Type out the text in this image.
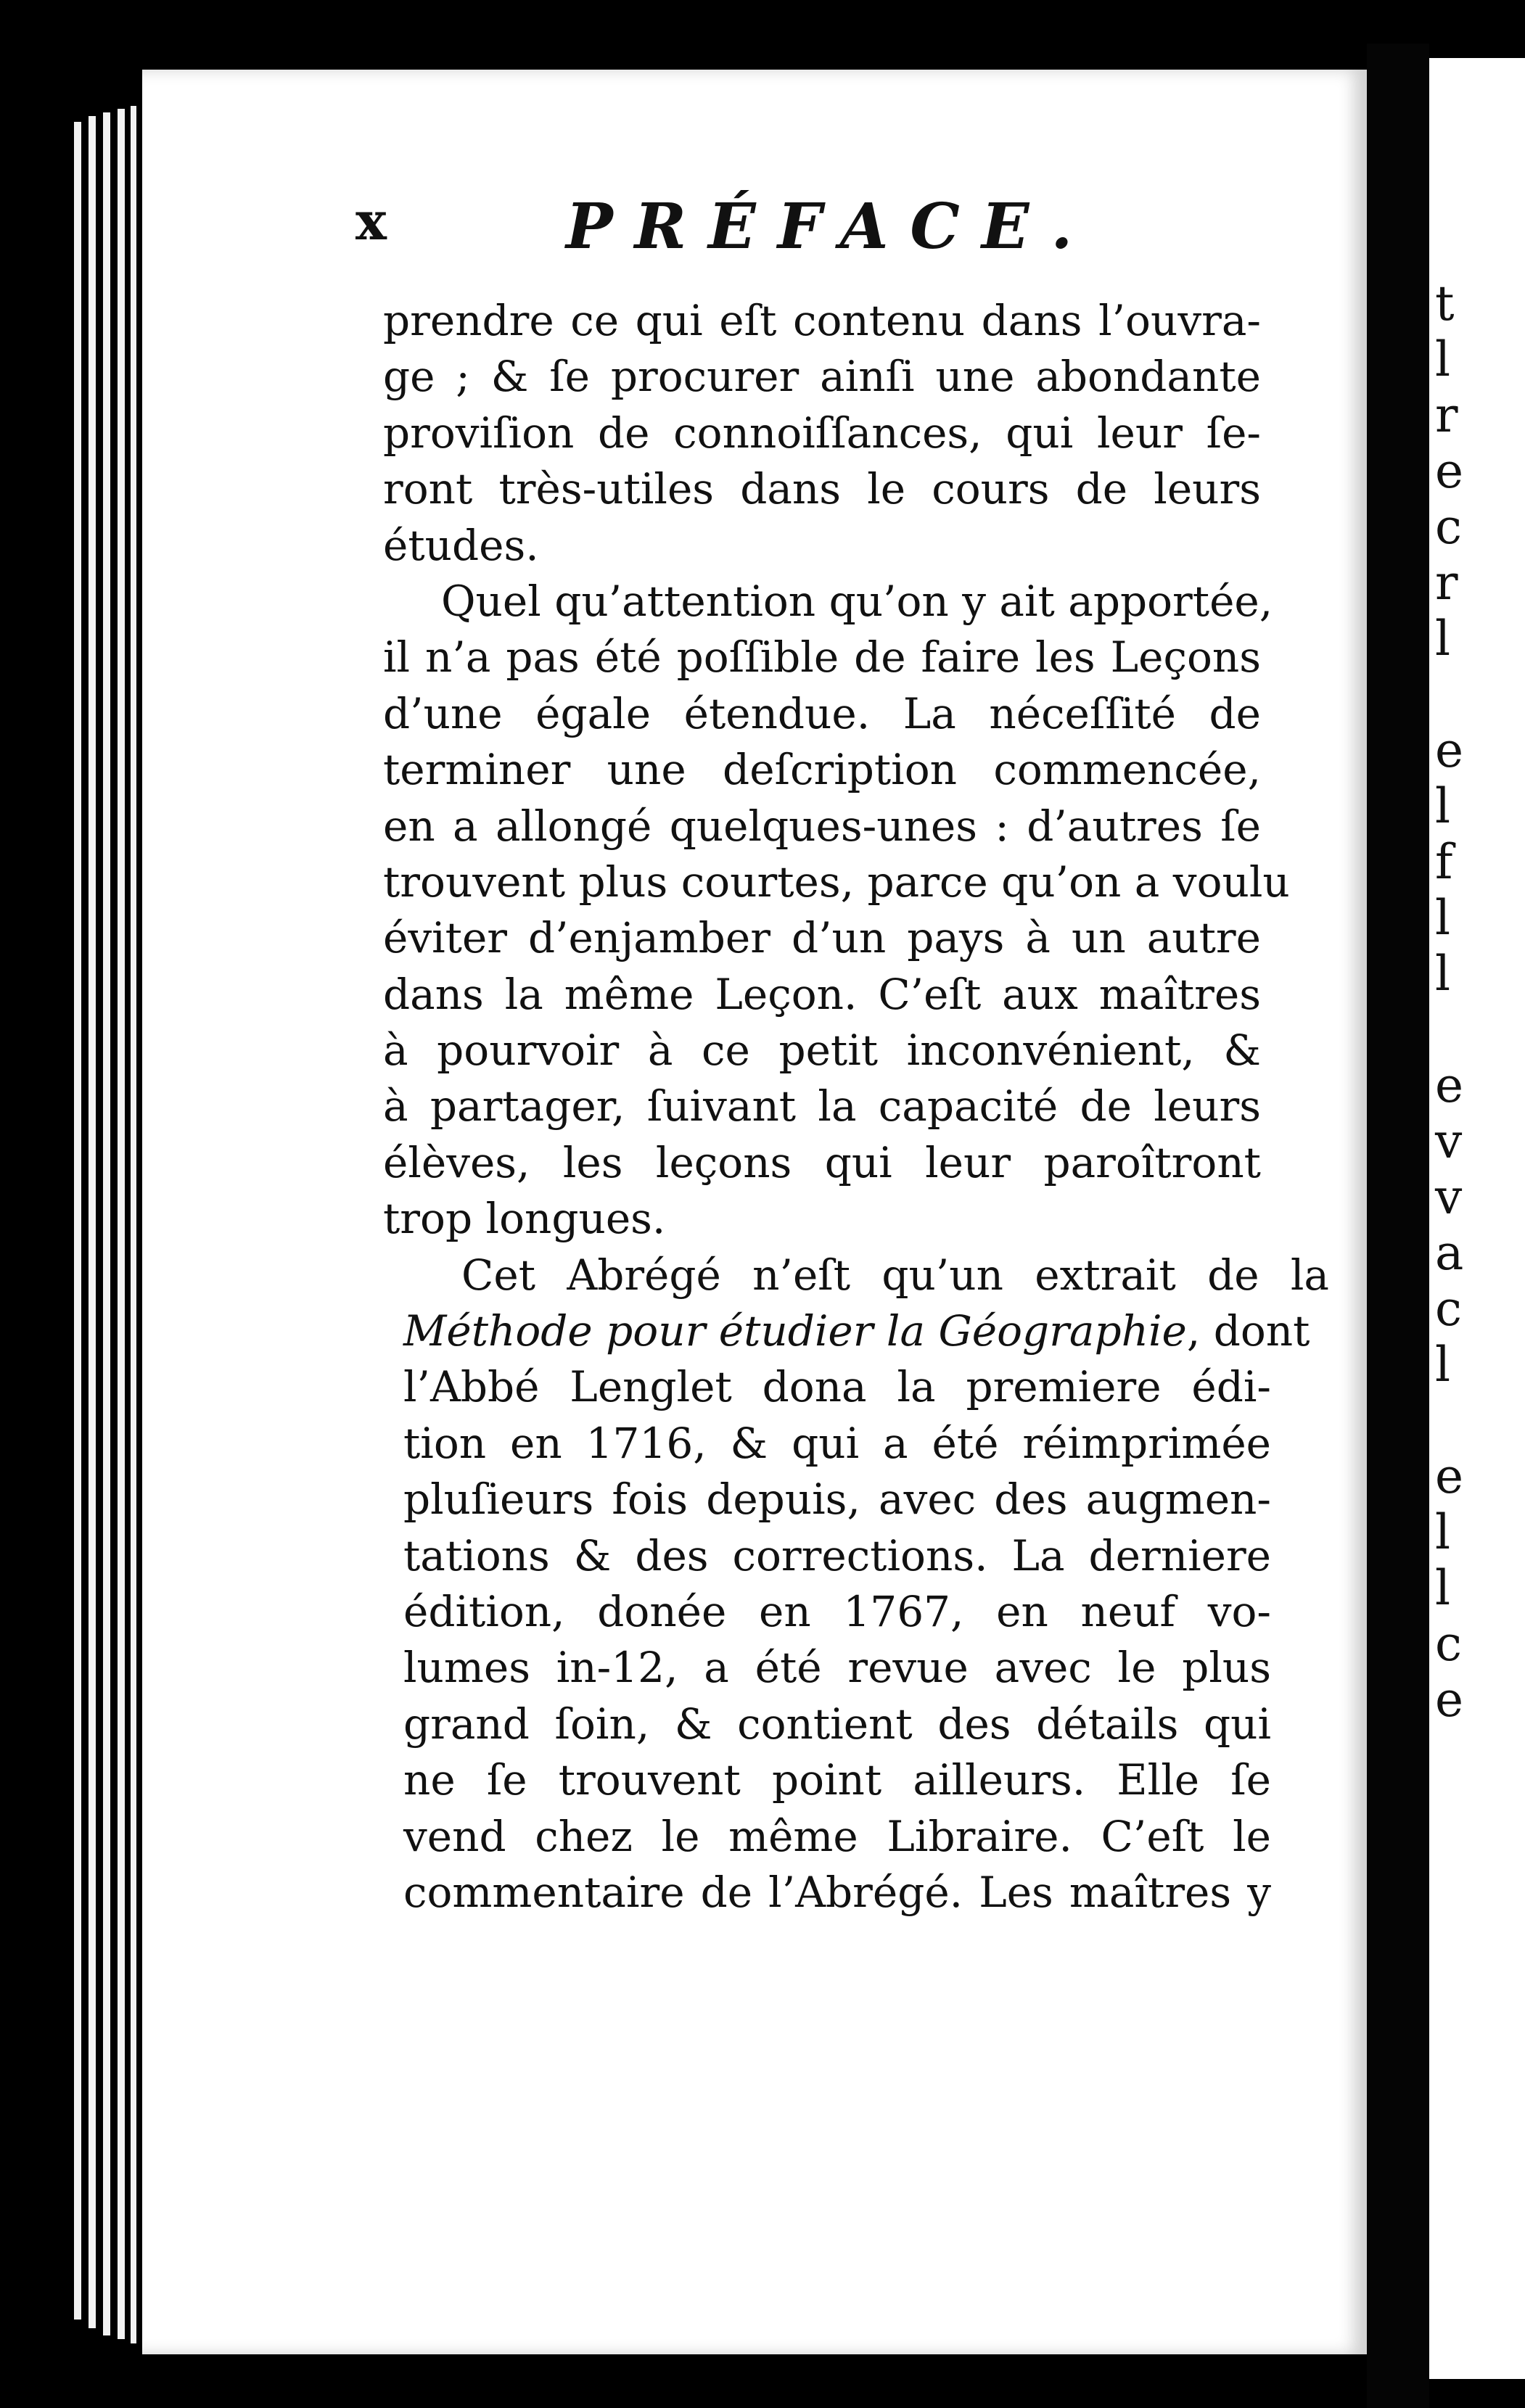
t
l
r
e
c
r
l
e
l
f
l
l
e
v
v
a
c
l
e
l
l
c
e
x	PRÉFACE.
prendre ce qui eſt contenu dans l’ouvra-
ge ; & ſe procurer ainſi une abondante
proviſion de connoiſſances, qui leur ſe-
ront très-utiles dans le cours de leurs
études.
Quel qu’attention qu’on y ait apportée,
il n’a pas été poſſible de faire les Leçons
d’une égale étendue. La néceſſité de
terminer une deſcription commencée,
en a allongé quelques-unes : d’autres ſe
trouvent plus courtes, parce qu’on a voulu
éviter d’enjamber d’un pays à un autre
dans la même Leçon. C’eſt aux maîtres
à pourvoir à ce petit inconvénient, &
à partager, ſuivant la capacité de leurs
élèves, les leçons qui leur paroîtront
trop longues.
Cet Abrégé n’eſt qu’un extrait de la
Méthode pour étudier la Géographie, dont
l’Abbé Lenglet dona la premiere édi-
tion en 1716, & qui a été réimprimée
pluſieurs fois depuis, avec des augmen-
tations & des corrections. La derniere
édition, donée en 1767, en neuf vo-
lumes in-12, a été revue avec le plus
grand ſoin, & contient des détails qui
ne ſe trouvent point ailleurs. Elle ſe
vend chez le même Libraire. C’eſt le
commentaire de l’Abrégé. Les maîtres y
